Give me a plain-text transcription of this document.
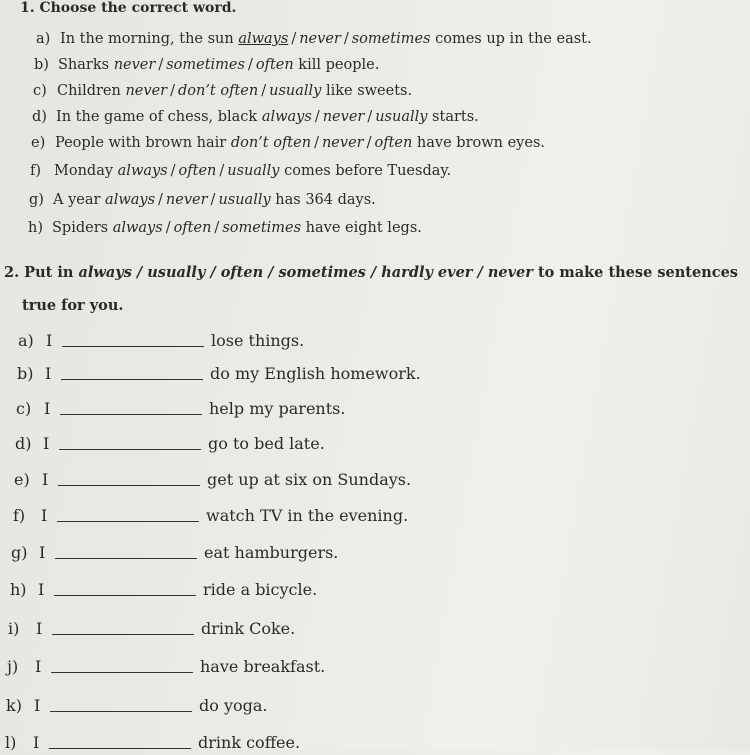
1. Choose the correct word.
a) In the morning, the sun always / never / sometimes comes up in the east.
b) Sharks never / sometimes / often kill people.
c) Children never / don’t often / usually like sweets.
d) In the game of chess, black always / never / usually starts.
e) People with brown hair don’t often / never / often have brown eyes.
f) Monday always / often / usually comes before Tuesday.
g) A year always / never / usually has 364 days.
h) Spiders always / often / sometimes have eight legs.
2. Put in always / usually / often / sometimes / hardly ever / never to make these sentences
true for you.
a) I	lose things.
b) I	do my English homework.
c) I	help my parents.
d) I	go to bed late.
e) I	get up at six on Sundays.
f) I	watch TV in the evening.
g) I	eat hamburgers.
h) I	ride a bicycle.
i) I	drink Coke.
j) I	have breakfast.
k) I	do yoga.
l) I	drink coffee.
